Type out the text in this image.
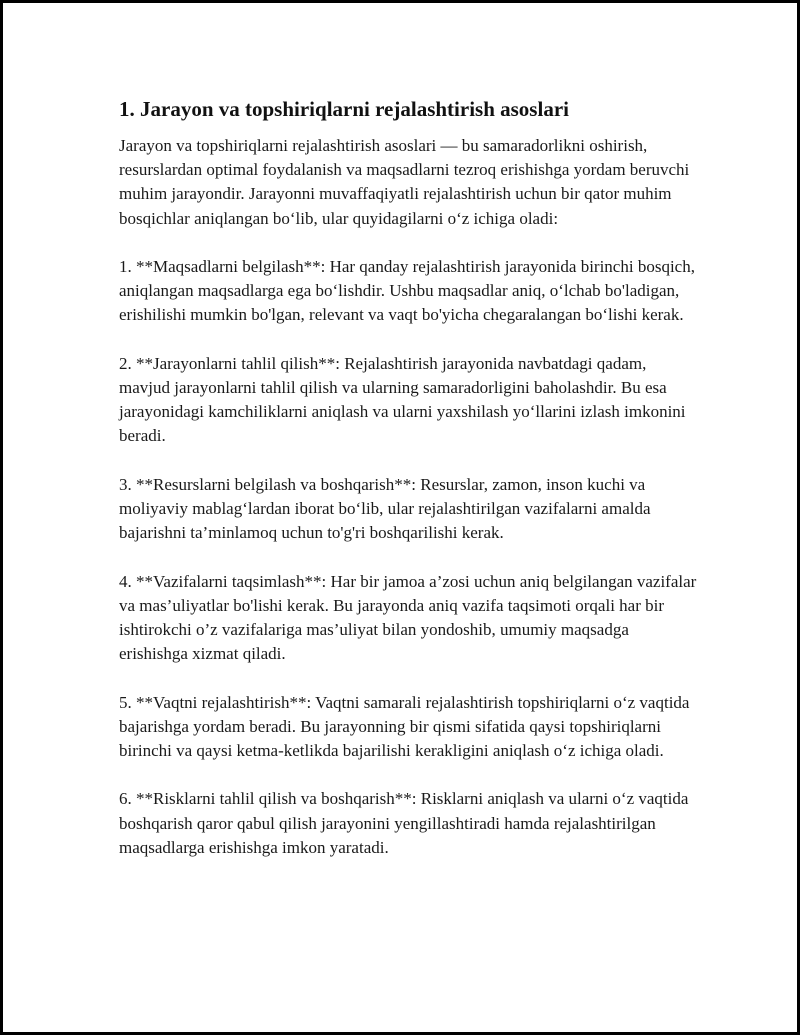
1. Jarayon va topshiriqlarni rejalashtirish asoslari

Jarayon va topshiriqlarni rejalashtirish asoslari — bu samaradorlikni oshirish, resurslardan optimal foydalanish va maqsadlarni tezroq erishishga yordam beruvchi muhim jarayondir. Jarayonni muvaffaqiyatli rejalashtirish uchun bir qator muhim bosqichlar aniqlangan bo‘lib, ular quyidagilarni o‘z ichiga oladi:

1. **Maqsadlarni belgilash**: Har qanday rejalashtirish jarayonida birinchi bosqich, aniqlangan maqsadlarga ega bo‘lishdir. Ushbu maqsadlar aniq, o‘lchab bo'ladigan, erishilishi mumkin bo'lgan, relevant va vaqt bo'yicha chegaralangan bo‘lishi kerak.

2. **Jarayonlarni tahlil qilish**: Rejalashtirish jarayonida navbatdagi qadam, mavjud jarayonlarni tahlil qilish va ularning samaradorligini baholashdir. Bu esa jarayonidagi kamchiliklarni aniqlash va ularni yaxshilash yo‘llarini izlash imkonini beradi.

3. **Resurslarni belgilash va boshqarish**: Resurslar, zamon, inson kuchi va moliyaviy mablag‘lardan iborat bo‘lib, ular rejalashtirilgan vazifalarni amalda bajarishni ta’minlamoq uchun to'g'ri boshqarilishi kerak.

4. **Vazifalarni taqsimlash**: Har bir jamoa a’zosi uchun aniq belgilangan vazifalar va mas’uliyatlar bo'lishi kerak. Bu jarayonda aniq vazifa taqsimoti orqali har bir ishtirokchi o’z vazifalariga mas’uliyat bilan yondoshib, umumiy maqsadga erishishga xizmat qiladi.

5. **Vaqtni rejalashtirish**: Vaqtni samarali rejalashtirish topshiriqlarni o‘z vaqtida bajarishga yordam beradi. Bu jarayonning bir qismi sifatida qaysi topshiriqlarni birinchi va qaysi ketma-ketlikda bajarilishi kerakligini aniqlash o‘z ichiga oladi.

6. **Risklarni tahlil qilish va boshqarish**: Risklarni aniqlash va ularni o‘z vaqtida boshqarish qaror qabul qilish jarayonini yengillashtiradi hamda rejalashtirilgan maqsadlarga erishishga imkon yaratadi.
